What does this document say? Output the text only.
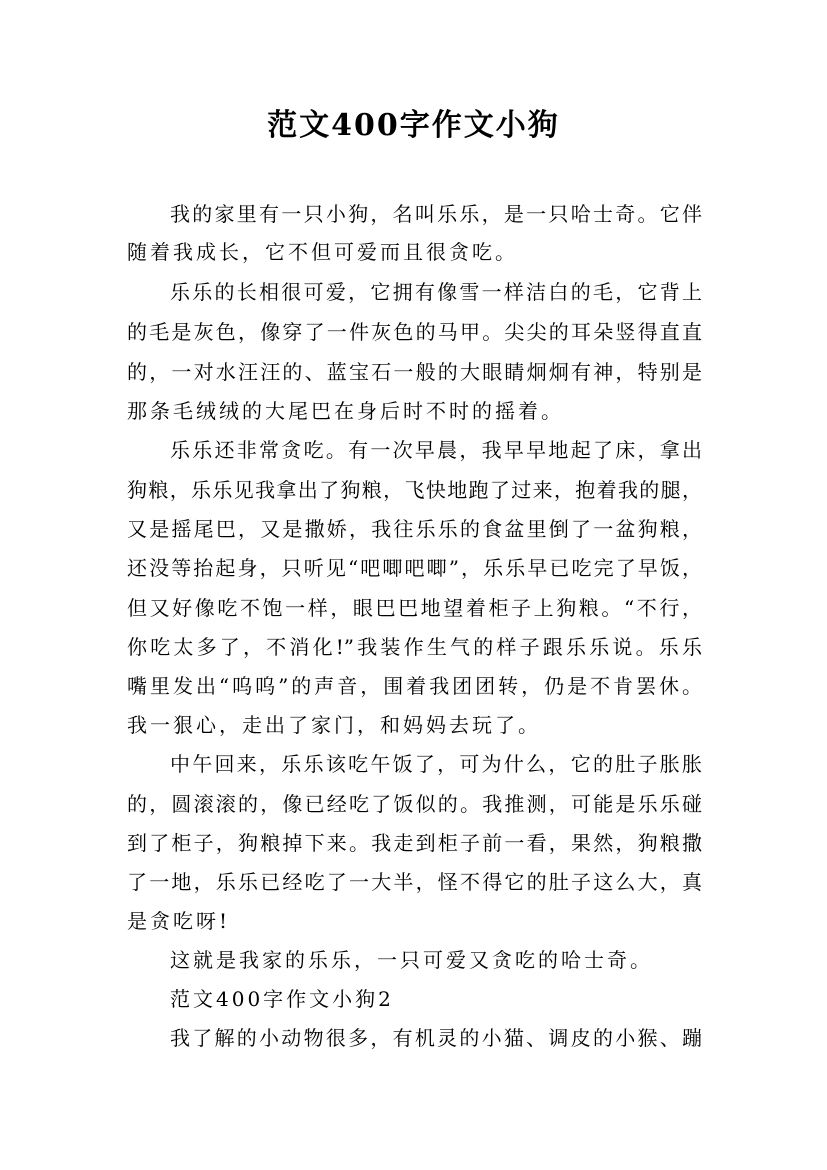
范文400字作文小狗

我的家里有一只小狗，名叫乐乐，是一只哈士奇。它伴

随着我成长，它不但可爱而且很贪吃。

乐乐的长相很可爱，它拥有像雪一样洁白的毛，它背上

的毛是灰色，像穿了一件灰色的马甲。尖尖的耳朵竖得直直

的，一对水汪汪的、蓝宝石一般的大眼睛炯炯有神，特别是

那条毛绒绒的大尾巴在身后时不时的摇着。

乐乐还非常贪吃。有一次早晨，我早早地起了床，拿出

狗粮，乐乐见我拿出了狗粮，飞快地跑了过来，抱着我的腿，

又是摇尾巴，又是撒娇，我往乐乐的食盆里倒了一盆狗粮，

还没等抬起身，只听见“吧唧吧唧”，乐乐早已吃完了早饭，

但又好像吃不饱一样，眼巴巴地望着柜子上狗粮。“不行，

你吃太多了，不消化!”我装作生气的样子跟乐乐说。乐乐

嘴里发出“呜呜”的声音，围着我团团转，仍是不肯罢休。

我一狠心，走出了家门，和妈妈去玩了。

中午回来，乐乐该吃午饭了，可为什么，它的肚子胀胀

的，圆滚滚的，像已经吃了饭似的。我推测，可能是乐乐碰

到了柜子，狗粮掉下来。我走到柜子前一看，果然，狗粮撒

了一地，乐乐已经吃了一大半，怪不得它的肚子这么大，真

是贪吃呀!

这就是我家的乐乐，一只可爱又贪吃的哈士奇。

范文400字作文小狗2

我了解的小动物很多，有机灵的小猫、调皮的小猴、蹦
